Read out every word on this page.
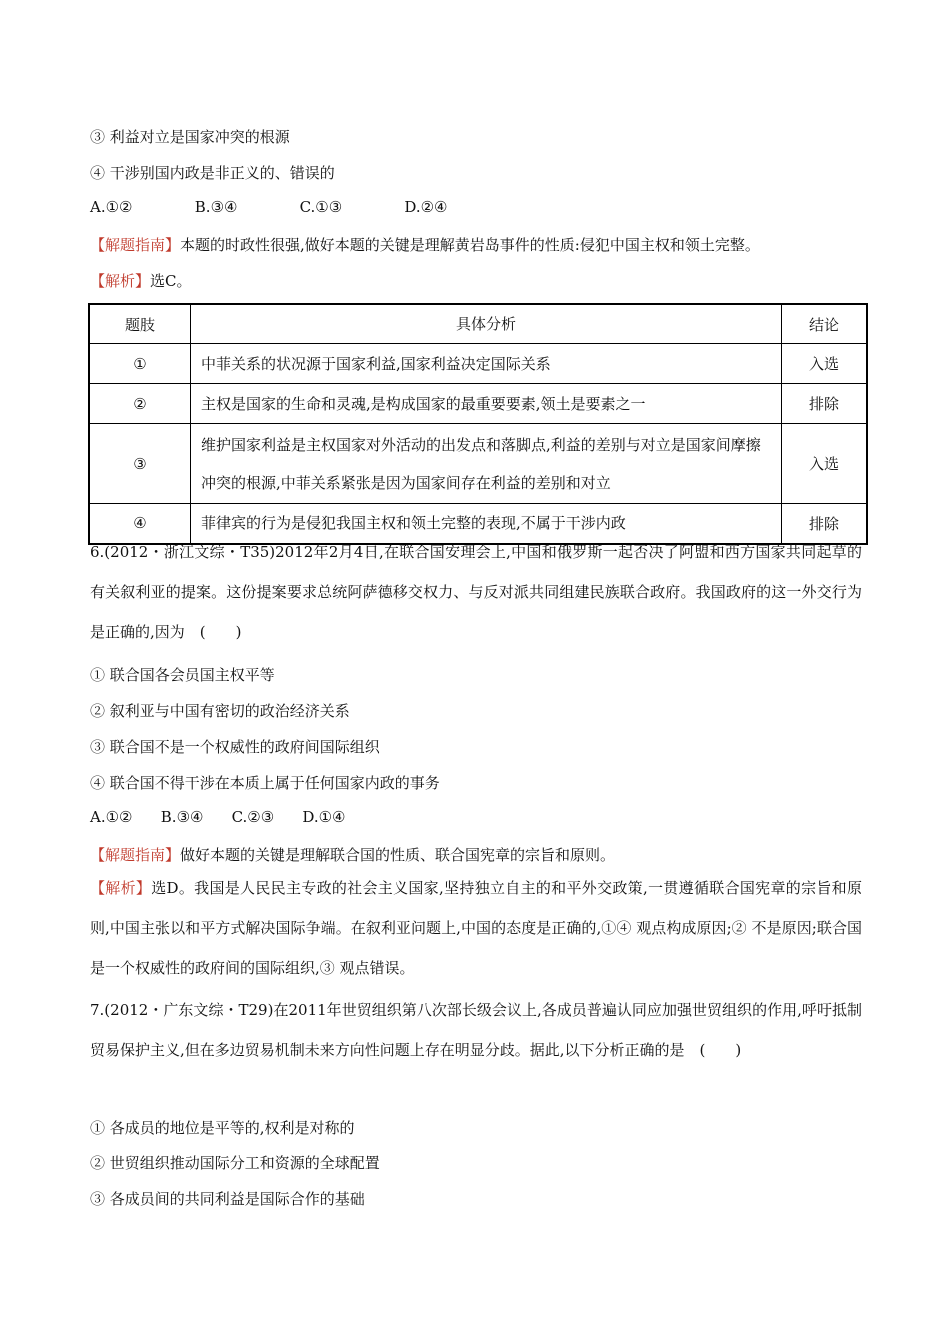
③ 利益对立是国家冲突的根源
④ 干涉别国内政是非正义的、错误的
A.①②	B.③④	C.①③	D.②④
【解题指南】本题的时政性很强,做好本题的关键是理解黄岩岛事件的性质:侵犯中国主权和领土完整。
【解析】选C。
题肢	具体分析	结论
①	中菲关系的状况源于国家利益,国家利益决定国际关系	入选
②	主权是国家的生命和灵魂,是构成国家的最重要要素,领土是要素之一	排除
③	维护国家利益是主权国家对外活动的出发点和落脚点,利益的差别与对立是国家间摩擦冲突的根源,中菲关系紧张是因为国家间存在利益的差别和对立	入选
④	菲律宾的行为是侵犯我国主权和领土完整的表现,不属于干涉内政	排除
6.(2012・浙江文综・T35)2012年2月4日,在联合国安理会上,中国和俄罗斯一起否决了阿盟和西方国家共同起草的有关叙利亚的提案。这份提案要求总统阿萨德移交权力、与反对派共同组建民族联合政府。我国政府的这一外交行为是正确的,因为　(　　)
① 联合国各会员国主权平等
② 叙利亚与中国有密切的政治经济关系
③ 联合国不是一个权威性的政府间国际组织
④ 联合国不得干涉在本质上属于任何国家内政的事务
A.①② B.③④ C.②③ D.①④
【解题指南】做好本题的关键是理解联合国的性质、联合国宪章的宗旨和原则。
【解析】选D。我国是人民民主专政的社会主义国家,坚持独立自主的和平外交政策,一贯遵循联合国宪章的宗旨和原则,中国主张以和平方式解决国际争端。在叙利亚问题上,中国的态度是正确的,①④ 观点构成原因;② 不是原因;联合国是一个权威性的政府间的国际组织,③ 观点错误。
7.(2012・广东文综・T29)在2011年世贸组织第八次部长级会议上,各成员普遍认同应加强世贸组织的作用,呼吁抵制贸易保护主义,但在多边贸易机制未来方向性问题上存在明显分歧。据此,以下分析正确的是　(　　)
① 各成员的地位是平等的,权利是对称的
② 世贸组织推动国际分工和资源的全球配置
③ 各成员间的共同利益是国际合作的基础
